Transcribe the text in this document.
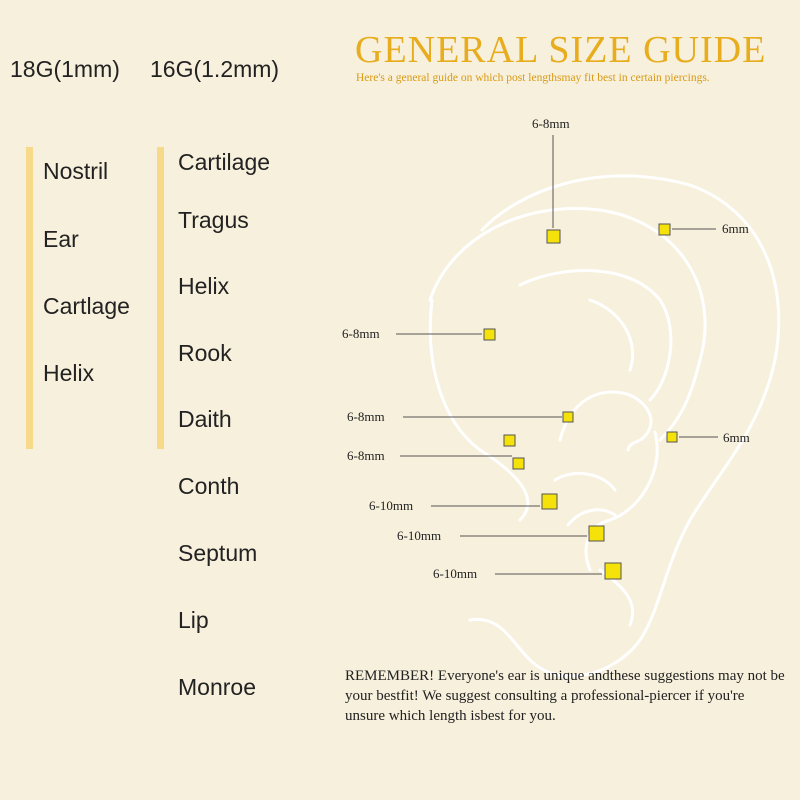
18G(1mm) 16G(1.2mm)
Nostril
Ear
Cartlage
Helix
Cartilage
Tragus
Helix
Rook
Daith
Conth
Septum
Lip
Monroe
GENERAL SIZE GUIDE
Here's a general guide on which post lengthsmay fit best in certain piercings.
6-8mm
6mm
6-8mm
6-8mm
6mm
6-8mm
6-10mm
6-10mm
6-10mm
REMEMBER! Everyone's ear is unique andthese suggestions may not be your bestfit! We suggest consulting a professional-piercer if you're unsure which length isbest for you.
